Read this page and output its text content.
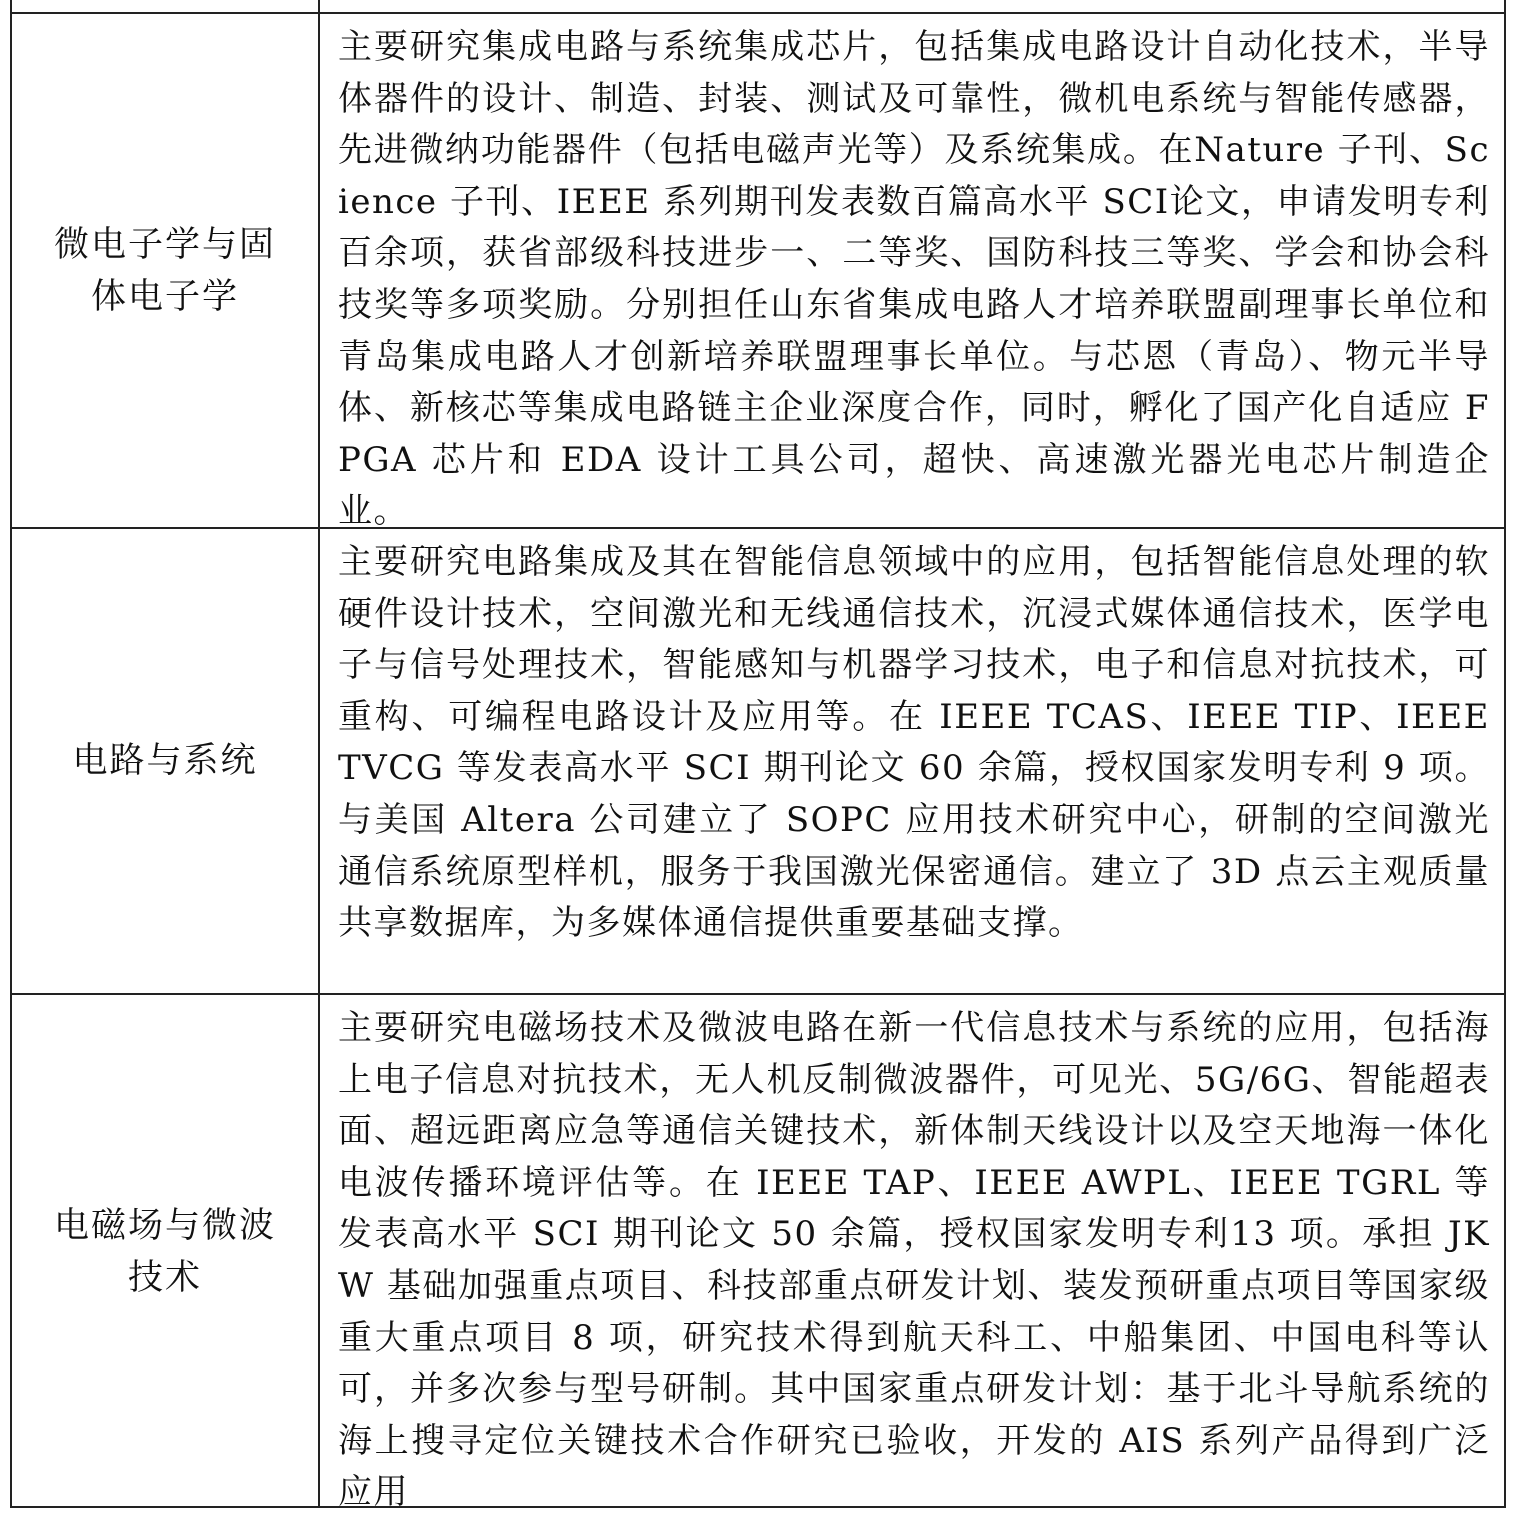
微电子学与固
体电子学
主要研究集成电路与系统集成芯片，包括集成电路设计自动化技术，半导体器件的设计、制造、封装、测试及可靠性，微机电系统与智能传感器，先进微纳功能器件（包括电磁声光等）及系统集成。在Nature 子刊、Science 子刊、IEEE 系列期刊发表数百篇高水平 SCI论文，申请发明专利百余项，获省部级科技进步一、二等奖、国防科技三等奖、学会和协会科技奖等多项奖励。分别担任山东省集成电路人才培养联盟副理事长单位和青岛集成电路人才创新培养联盟理事长单位。与芯恩（青岛）、物元半导体、新核芯等集成电路链主企业深度合作，同时，孵化了国产化自适应 FPGA 芯片和 EDA 设计工具公司，超快、高速激光器光电芯片制造企业。
电路与系统
主要研究电路集成及其在智能信息领域中的应用，包括智能信息处理的软硬件设计技术，空间激光和无线通信技术，沉浸式媒体通信技术，医学电子与信号处理技术，智能感知与机器学习技术，电子和信息对抗技术，可重构、可编程电路设计及应用等。在 IEEE TCAS、IEEE TIP、IEEE TVCG 等发表高水平 SCI 期刊论文 60 余篇，授权国家发明专利 9 项。与美国 Altera 公司建立了 SOPC 应用技术研究中心，研制的空间激光通信系统原型样机，服务于我国激光保密通信。建立了 3D 点云主观质量共享数据库，为多媒体通信提供重要基础支撑。
电磁场与微波
技术
主要研究电磁场技术及微波电路在新一代信息技术与系统的应用，包括海上电子信息对抗技术，无人机反制微波器件，可见光、5G/6G、智能超表面、超远距离应急等通信关键技术，新体制天线设计以及空天地海一体化电波传播环境评估等。在 IEEE TAP、IEEE AWPL、IEEE TGRL 等发表高水平 SCI 期刊论文 50 余篇，授权国家发明专利13 项。承担 JKW 基础加强重点项目、科技部重点研发计划、装发预研重点项目等国家级重大重点项目 8 项，研究技术得到航天科工、中船集团、中国电科等认可，并多次参与型号研制。其中国家重点研发计划：基于北斗导航系统的海上搜寻定位关键技术合作研究已验收，开发的 AIS 系列产品得到广泛应用
